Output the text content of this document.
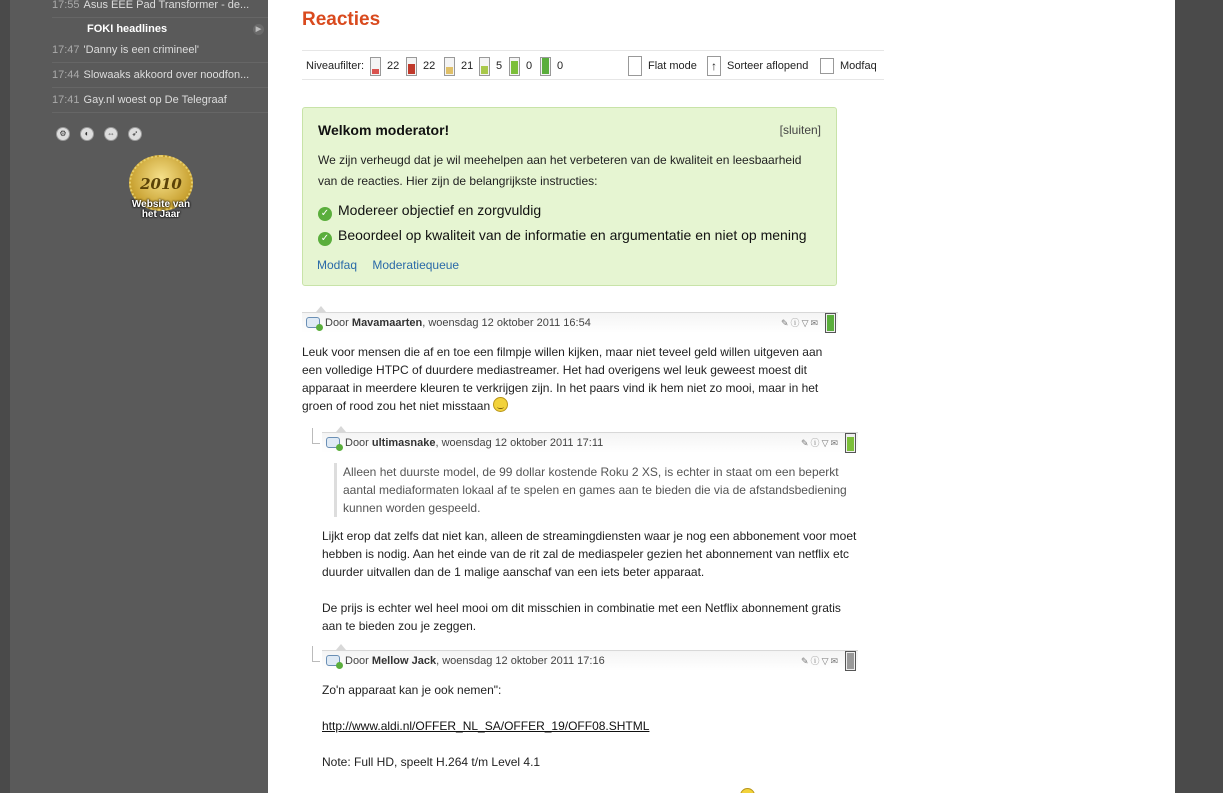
17:55 Asus EEE Pad Transformer - de...
FOKI headlines	▶
17:47 'Danny is een crimineel'
17:44 Slowaaks akkoord over noodfon...
17:41 Gay.nl woest op De Telegraaf
⚙	◐	⇔	➶
2010
Website van
het Jaar
Reacties
Niveaufilter: 22 22 21 5 0 0	Flat mode	↑ Sorteer aflopend	Modfaq
Welkom moderator!	[sluiten]
We zijn verheugd dat je wil meehelpen aan het verbeteren van de kwaliteit en leesbaarheid van de reacties. Hier zijn de belangrijkste instructies:
✓ Modereer objectief en zorgvuldig
✓ Beoordeel op kwaliteit van de informatie en argumentatie en niet op mening
Modfaq Moderatiequeue
Door Mavamaarten, woensdag 12 oktober 2011 16:54	✎ⓘ▽✉
Leuk voor mensen die af en toe een filmpje willen kijken, maar niet teveel geld willen uitgeven aan een volledige HTPC of duurdere mediastreamer. Het had overigens wel leuk geweest moest dit apparaat in meerdere kleuren te verkrijgen zijn. In het paars vind ik hem niet zo mooi, maar in het groen of rood zou het niet misstaan
Door ultimasnake, woensdag 12 oktober 2011 17:11	✎ⓘ▽✉
Alleen het duurste model, de 99 dollar kostende Roku 2 XS, is echter in staat om een beperkt aantal mediaformaten lokaal af te spelen en games aan te bieden die via de afstandsbediening kunnen worden gespeeld.
Lijkt erop dat zelfs dat niet kan, alleen de streamingdiensten waar je nog een abbonement voor moet hebben is nodig. Aan het einde van de rit zal de mediaspeler gezien het abonnement van netflix etc duurder uitvallen dan de 1 malige aanschaf van een iets beter apparaat.
De prijs is echter wel heel mooi om dit misschien in combinatie met een Netflix abonnement gratis aan te bieden zou je zeggen.
Door Mellow Jack, woensdag 12 oktober 2011 17:16	✎ⓘ▽✉
Zo'n apparaat kan je ook nemen":
http://www.aldi.nl/OFFER_NL_SA/OFFER_19/OFF08.SHTML
Note: Full HD, speelt H.264 t/m Level 4.1
